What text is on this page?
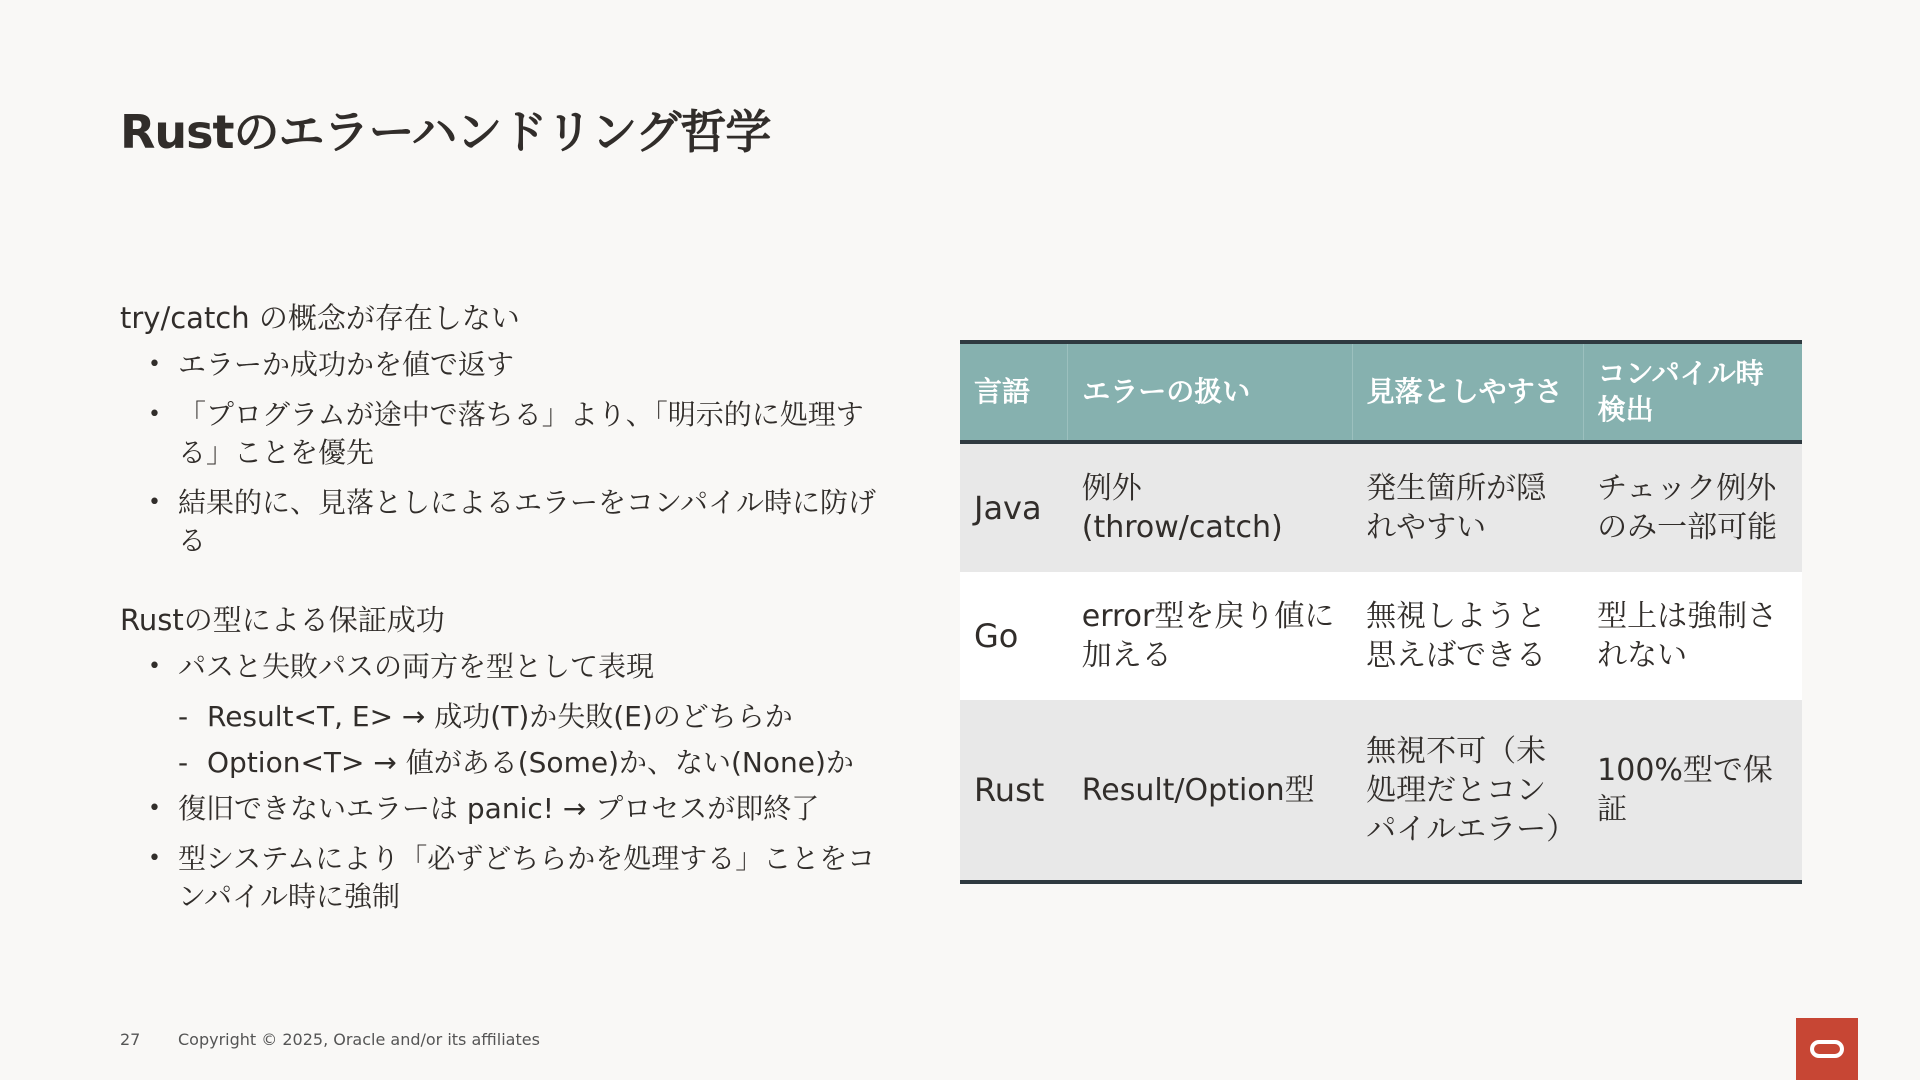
Rustのエラーハンドリング哲学

try/catch の概念が存在しない

• エラーか成功かを値で返す
• 「プログラムが途中で落ちる」より、「明示的に処理する」ことを優先
• 結果的に、見落としによるエラーをコンパイル時に防げる

Rustの型による保証成功

• パスと失敗パスの両方を型として表現
- Result<T, E> → 成功(T)か失敗(E)のどちらか
- Option<T> → 値がある(Some)か、ない(None)か
• 復旧できないエラーは panic! → プロセスが即終了
• 型システムにより「必ずどちらかを処理する」ことをコンパイル時に強制
言語	エラーの扱い	見落としやすさ	コンパイル時検出
Java	例外(throw/catch)	発生箇所が隠れやすい	チェック例外のみ一部可能
Go	error型を戻り値に加える	無視しようと思えばできる	型上は強制されない
Rust	Result/Option型	無視不可（未処理だとコンパイルエラー）	100%型で保証
27 Copyright © 2025, Oracle and/or its affiliates
